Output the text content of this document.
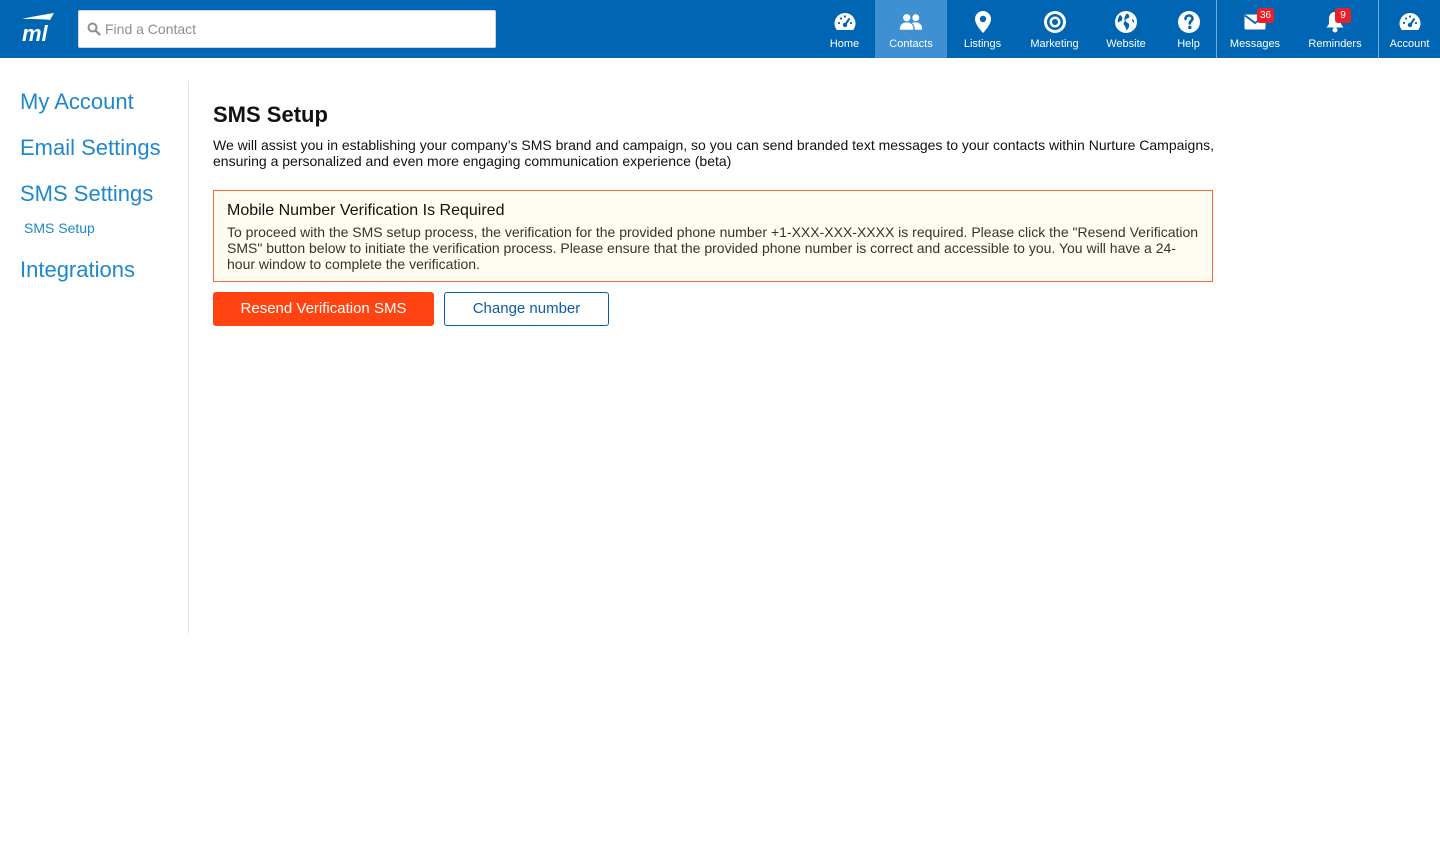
ml
Find a Contact	Home	Contacts	Listings	Marketing	Website	Help
36
Messages
9
Reminders	Account
My Account
Email Settings
SMS Settings
SMS Setup
Integrations
SMS Setup

We will assist you in establishing your company’s SMS brand and campaign, so you can send branded text messages to your contacts within Nurture Campaigns, ensuring a personalized and even more engaging communication experience (beta)

Mobile Number Verification Is Required
To proceed with the SMS setup process, the verification for the provided phone number +1-XXX-XXX-XXXX is required. Please click the "Resend Verification SMS" button below to initiate the verification process. Please ensure that the provided phone number is correct and accessible to you. You will have a 24-hour window to complete the verification.
Resend Verification SMS	Change number
